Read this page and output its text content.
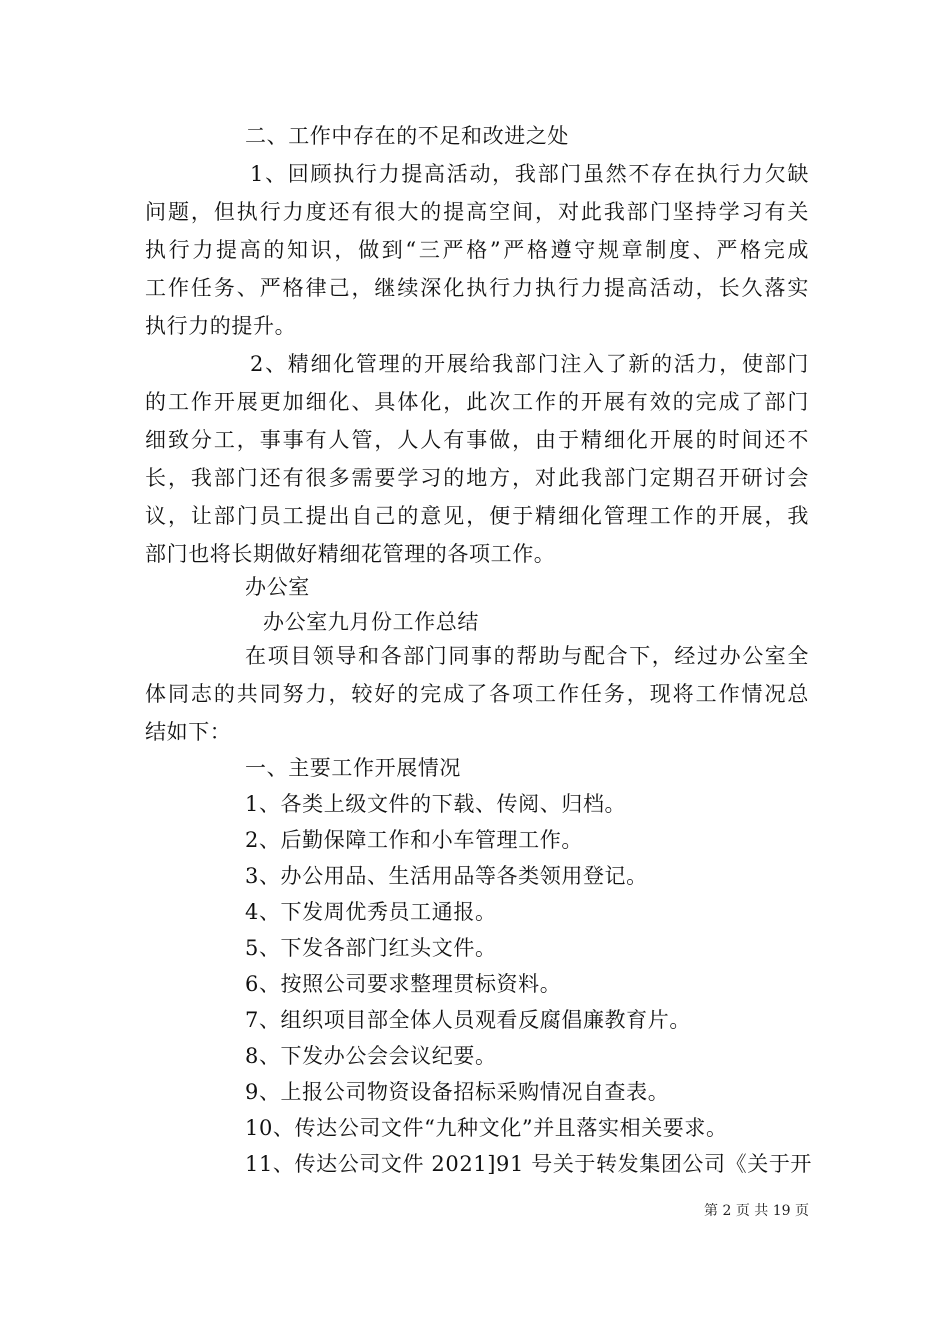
二、工作中存在的不足和改进之处
1、回顾执行力提高活动，我部门虽然不存在执行力欠缺
问题，但执行力度还有很大的提高空间，对此我部门坚持学习有关
执行力提高的知识，做到“三严格”严格遵守规章制度、严格完成
工作任务、严格律己，继续深化执行力执行力提高活动，长久落实
执行力的提升。
2、精细化管理的开展给我部门注入了新的活力，使部门
的工作开展更加细化、具体化，此次工作的开展有效的完成了部门
细致分工，事事有人管，人人有事做，由于精细化开展的时间还不
长，我部门还有很多需要学习的地方，对此我部门定期召开研讨会
议，让部门员工提出自己的意见，便于精细化管理工作的开展，我
部门也将长期做好精细花管理的各项工作。
办公室
办公室九月份工作总结
在项目领导和各部门同事的帮助与配合下，经过办公室全
体同志的共同努力，较好的完成了各项工作任务，现将工作情况总
结如下：
一、主要工作开展情况
1、各类上级文件的下载、传阅、归档。
2、后勤保障工作和小车管理工作。
3、办公用品、生活用品等各类领用登记。
4、下发周优秀员工通报。
5、下发各部门红头文件。
6、按照公司要求整理贯标资料。
7、组织项目部全体人员观看反腐倡廉教育片。
8、下发办公会会议纪要。
9、上报公司物资设备招标采购情况自查表。
10、传达公司文件“九种文化”并且落实相关要求。
11、传达公司文件 2021]91 号关于转发集团公司《关于开
第 2 页 共 19 页
